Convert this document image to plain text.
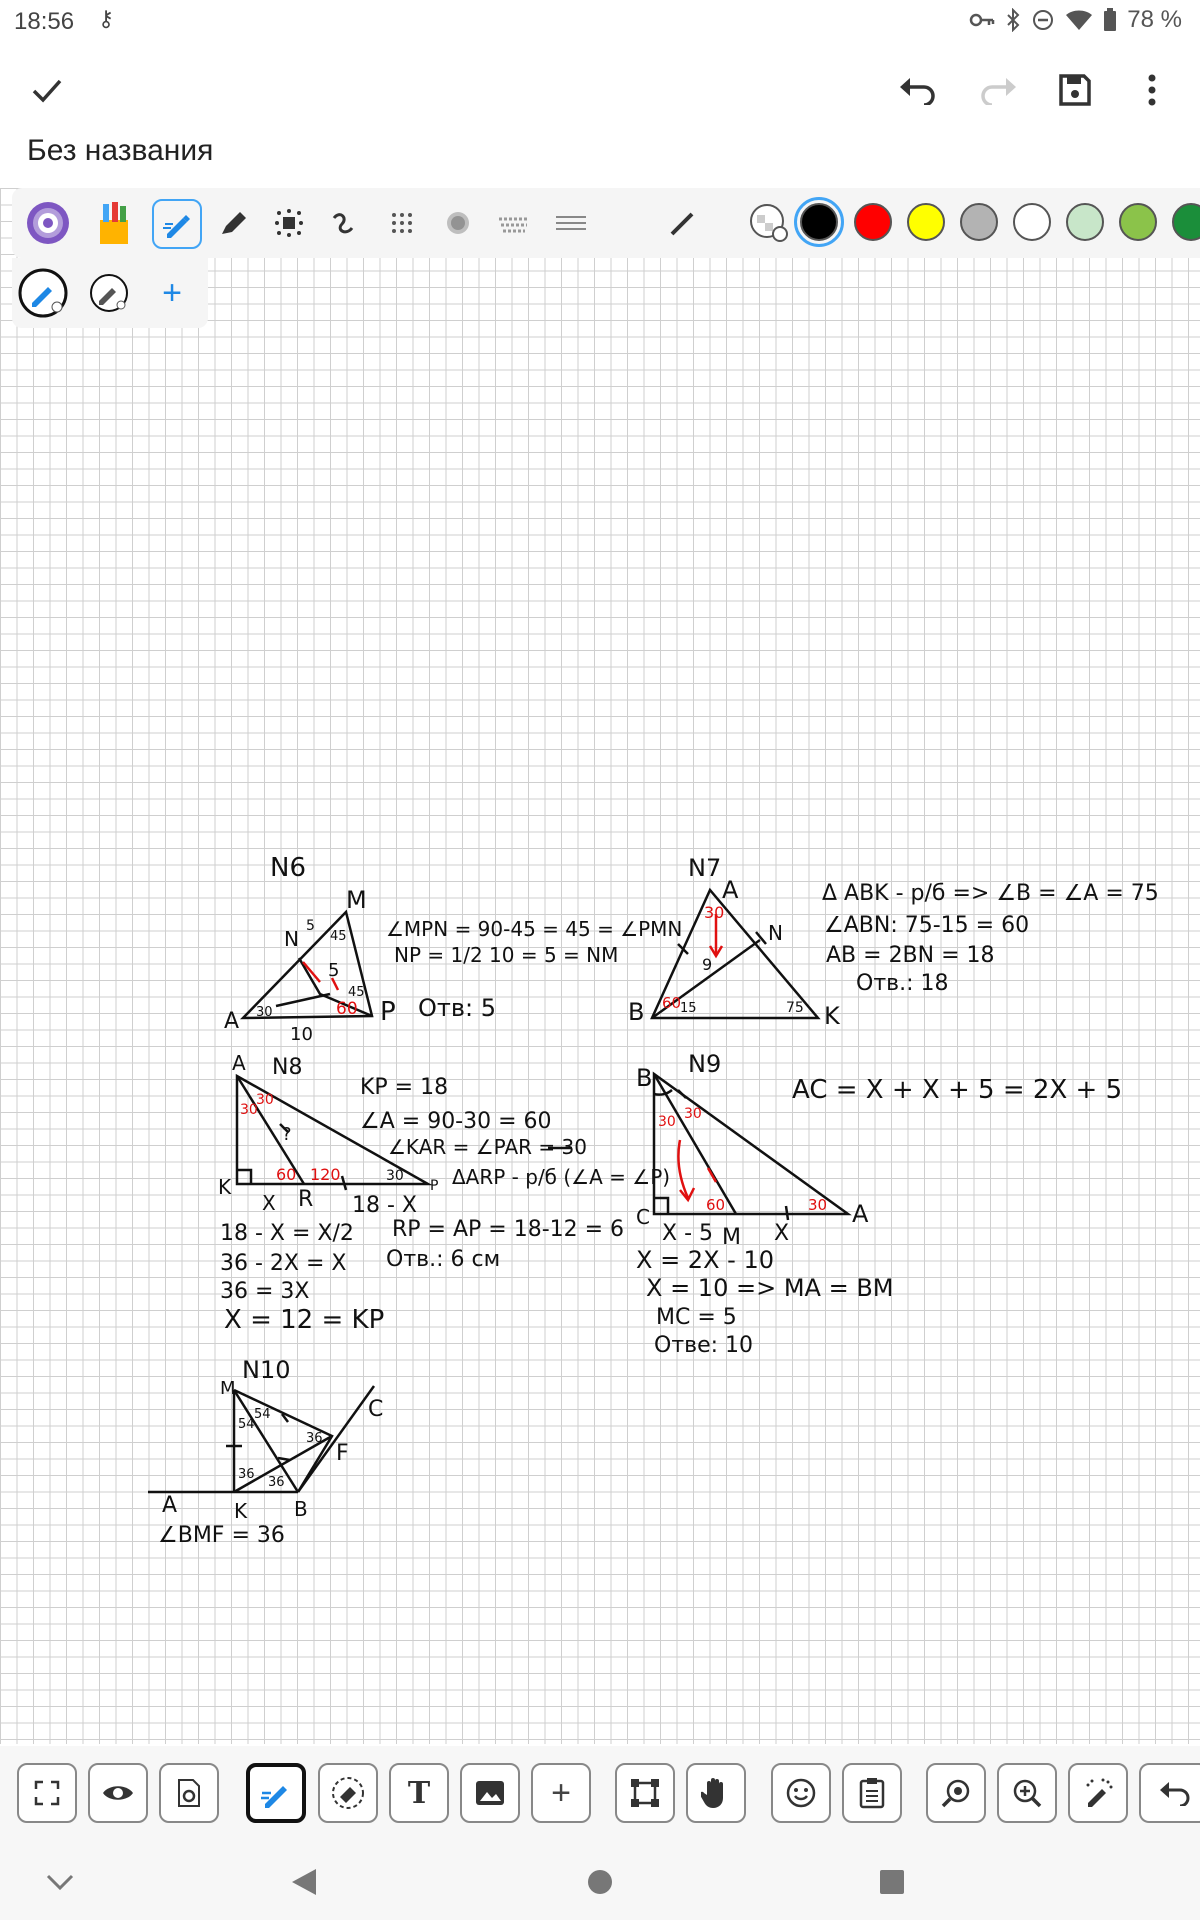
18:56 ⚷	78 %
Без названия
+
N6
A
N
M
P
5
45
5
45
60
30
10
∠MPN = 90-45 = 45 = ∠PMN
NP = 1/2 10 = 5 = NM
Отв: 5
N7
A
N
B	K
30
9
60
15	75
Δ ABK - р/б => ∠B = ∠A = 75
∠ABN: 75-15 = 60
AB = 2BN = 18
Отв.: 18
A N8
K	R
P
30
30
?
60 120	30
X	18 - X
KP = 18
∠A = 90-30 = 60
∠KAR = ∠PAR = 30
ΔARP - р/б (∠A = ∠P)
18 - X = X/2
36 - 2X = X
36 = 3X
X = 12 = KP
RP = AP = 18-12 = 6
Отв.: 6 см
B N9
C
M
A
30 30
60	30
X - 5	X
AC = X + X + 5 = 2X + 5
X = 2X - 10
X = 10 => MA = BM
MC = 5
Отвe: 10
M
N10
C
F
A	K B
54
54
36
36
36
∠BMF = 36
T	+
